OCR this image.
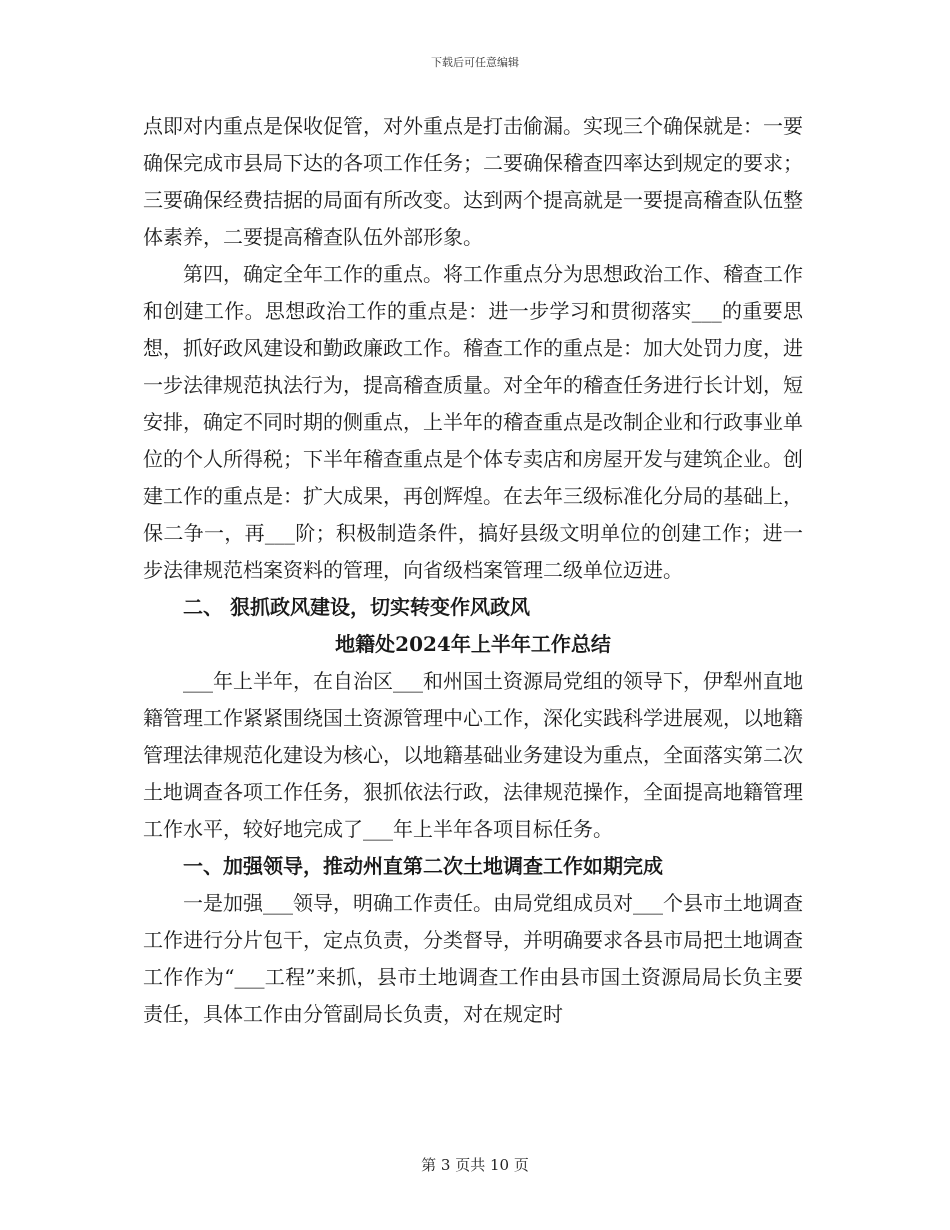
下载后可任意编辑

点即对内重点是保收促管，对外重点是打击偷漏。实现三个确保就是：一要确保完成市县局下达的各项工作任务；二要确保稽查四率达到规定的要求；三要确保经费拮据的局面有所改变。达到两个提高就是一要提高稽查队伍整体素养，二要提高稽查队伍外部形象。

第四，确定全年工作的重点。将工作重点分为思想政治工作、稽查工作和创建工作。思想政治工作的重点是：进一步学习和贯彻落实___的重要思想，抓好政风建设和勤政廉政工作。稽查工作的重点是：加大处罚力度，进一步法律规范执法行为，提高稽查质量。对全年的稽查任务进行长计划，短安排，确定不同时期的侧重点，上半年的稽查重点是改制企业和行政事业单位的个人所得税；下半年稽查重点是个体专卖店和房屋开发与建筑企业。创建工作的重点是：扩大成果，再创辉煌。在去年三级标准化分局的基础上，保二争一，再___阶；积极制造条件，搞好县级文明单位的创建工作；进一步法律规范档案资料的管理，向省级档案管理二级单位迈进。

二、 狠抓政风建设，切实转变作风政风

地籍处2024年上半年工作总结

___年上半年，在自治区___和州国土资源局党组的领导下，伊犁州直地籍管理工作紧紧围绕国土资源管理中心工作，深化实践科学进展观，以地籍管理法律规范化建设为核心，以地籍基础业务建设为重点，全面落实第二次土地调查各项工作任务，狠抓依法行政，法律规范操作，全面提高地籍管理工作水平，较好地完成了___年上半年各项目标任务。

一、加强领导，推动州直第二次土地调查工作如期完成

一是加强___领导，明确工作责任。由局党组成员对___个县市土地调查工作进行分片包干，定点负责，分类督导，并明确要求各县市局把土地调查工作作为“___工程”来抓，县市土地调查工作由县市国土资源局局长负主要责任，具体工作由分管副局长负责，对在规定时

第 3 页共 10 页
